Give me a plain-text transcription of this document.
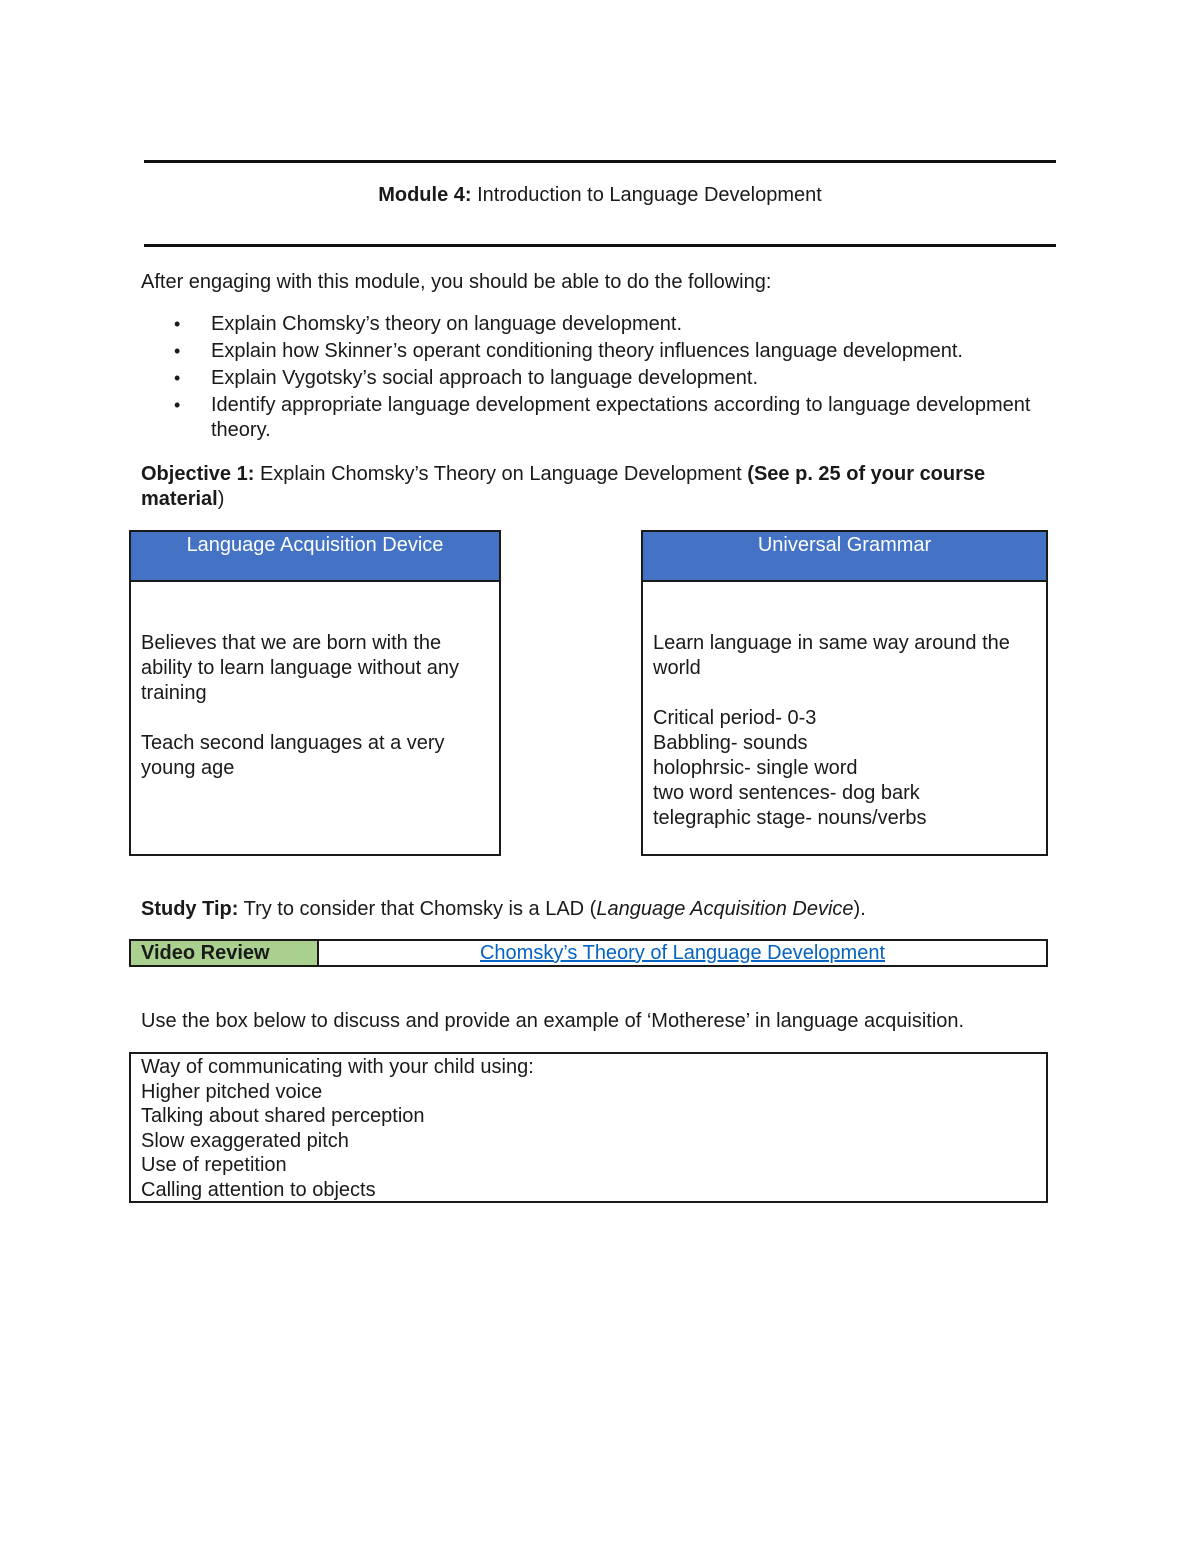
Module 4: Introduction to Language Development
After engaging with this module, you should be able to do the following:
• Explain Chomsky’s theory on language development.
• Explain how Skinner’s operant conditioning theory influences language development.
• Explain Vygotsky’s social approach to language development.
• Identify appropriate language development expectations according to language development theory.
Objective 1: Explain Chomsky’s Theory on Language Development (See p. 25 of your course material)
Language Acquisition Device
Believes that we are born with the ability to learn language without any training
Teach second languages at a very young age
Universal Grammar
Learn language in same way around the world
Critical period- 0-3
Babbling- sounds
holophrsic- single word
two word sentences- dog bark
telegraphic stage- nouns/verbs
Study Tip: Try to consider that Chomsky is a LAD (Language Acquisition Device).
Video Review	Chomsky’s Theory of Language Development
Use the box below to discuss and provide an example of ‘Motherese’ in language acquisition.
Way of communicating with your child using:
Higher pitched voice
Talking about shared perception
Slow exaggerated pitch
Use of repetition
Calling attention to objects
